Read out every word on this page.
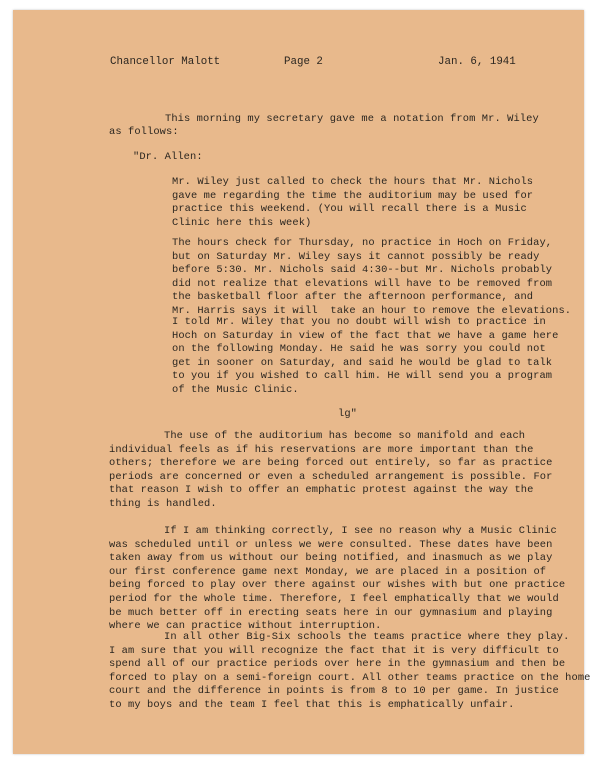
Chancellor Malott	Page 2	Jan. 6, 1941
This morning my secretary gave me a notation from Mr. Wiley
as follows:
"Dr. Allen:
Mr. Wiley just called to check the hours that Mr. Nichols
gave me regarding the time the auditorium may be used for
practice this weekend. (You will recall there is a Music
Clinic here this week)
The hours check for Thursday, no practice in Hoch on Friday,
but on Saturday Mr. Wiley says it cannot possibly be ready
before 5:30. Mr. Nichols said 4:30--but Mr. Nichols probably
did not realize that elevations will have to be removed from
the basketball floor after the afternoon performance, and
Mr. Harris says it will  take an hour to remove the elevations.
I told Mr. Wiley that you no doubt will wish to practice in
Hoch on Saturday in view of the fact that we have a game here
on the following Monday. He said he was sorry you could not
get in sooner on Saturday, and said he would be glad to talk
to you if you wished to call him. He will send you a program
of the Music Clinic.
lg"
The use of the auditorium has become so manifold and each
individual feels as if his reservations are more important than the
others; therefore we are being forced out entirely, so far as practice
periods are concerned or even a scheduled arrangement is possible. For
that reason I wish to offer an emphatic protest against the way the
thing is handled.
If I am thinking correctly, I see no reason why a Music Clinic
was scheduled until or unless we were consulted. These dates have been
taken away from us without our being notified, and inasmuch as we play
our first conference game next Monday, we are placed in a position of
being forced to play over there against our wishes with but one practice
period for the whole time. Therefore, I feel emphatically that we would
be much better off in erecting seats here in our gymnasium and playing
where we can practice without interruption.
In all other Big-Six schools the teams practice where they play.
I am sure that you will recognize the fact that it is very difficult to
spend all of our practice periods over here in the gymnasium and then be
forced to play on a semi-foreign court. All other teams practice on the home
court and the difference in points is from 8 to 10 per game. In justice
to my boys and the team I feel that this is emphatically unfair.
